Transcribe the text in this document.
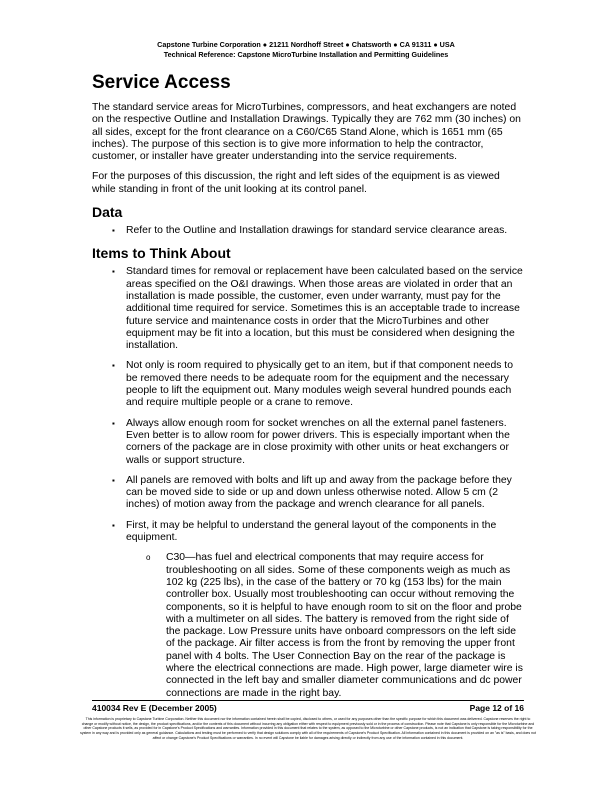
Capstone Turbine Corporation ● 21211 Nordhoff Street ● Chatsworth ● CA 91311 ● USA
Technical Reference: Capstone MicroTurbine Installation and Permitting Guidelines
Service Access

The standard service areas for MicroTurbines, compressors, and heat exchangers are noted on the respective Outline and Installation Drawings. Typically they are 762 mm (30 inches) on all sides, except for the front clearance on a C60/C65 Stand Alone, which is 1651 mm (65 inches). The purpose of this section is to give more information to help the contractor, customer, or installer have greater understanding into the service requirements.

For the purposes of this discussion, the right and left sides of the equipment is as viewed while standing in front of the unit looking at its control panel.

Data
▪ Refer to the Outline and Installation drawings for standard service clearance areas.
Items to Think About
▪ Standard times for removal or replacement have been calculated based on the service areas specified on the O&I drawings. When those areas are violated in order that an installation is made possible, the customer, even under warranty, must pay for the additional time required for service. Sometimes this is an acceptable trade to increase future service and maintenance costs in order that the MicroTurbines and other equipment may be fit into a location, but this must be considered when designing the installation.
▪ Not only is room required to physically get to an item, but if that component needs to be removed there needs to be adequate room for the equipment and the necessary people to lift the equipment out. Many modules weigh several hundred pounds each and require multiple people or a crane to remove.
▪ Always allow enough room for socket wrenches on all the external panel fasteners. Even better is to allow room for power drivers. This is especially important when the corners of the package are in close proximity with other units or heat exchangers or walls or support structure.
▪ All panels are removed with bolts and lift up and away from the package before they can be moved side to side or up and down unless otherwise noted. Allow 5 cm (2 inches) of motion away from the package and wrench clearance for all panels.
▪ First, it may be helpful to understand the general layout of the components in the equipment.
o C30—has fuel and electrical components that may require access for troubleshooting on all sides. Some of these components weigh as much as 102 kg (225 lbs), in the case of the battery or 70 kg (153 lbs) for the main controller box. Usually most troubleshooting can occur without removing the components, so it is helpful to have enough room to sit on the floor and probe with a multimeter on all sides. The battery is removed from the right side of the package. Low Pressure units have onboard compressors on the left side of the package. Air filter access is from the front by removing the upper front panel with 4 bolts. The User Connection Bay on the rear of the package is where the electrical connections are made. High power, large diameter wire is connected in the left bay and smaller diameter communications and dc power connections are made in the right bay.
410034 Rev E (December 2005)	Page 12 of 16
This information is proprietary to Capstone Turbine Corporation. Neither this document nor the information contained herein shall be copied, disclosed to others, or used for any purposes other than the specific purpose for which this document was delivered. Capstone reserves the right to change or modify without notice, the design, the product specifications, and/or the contents of this document without incurring any obligation either with respect to equipment previously sold or in the process of construction. Please note that Capstone is only responsible for the Microturbine and other Capstone products it sells, as provided for in Capstone's Product Specifications and warranties. Information provided in this document that relates to the system, as opposed to the Microturbine or other Capstone products, is not an indication that Capstone is taking responsibility for the system in any way and is provided only as general guidance. Calculations and testing must be performed to verify that design solutions comply with all of the requirements of Capstone's Product Specification. All information contained in this document is provided on an "as is" basis, and does not affect or change Capstone's Product Specifications or warranties. In no event will Capstone be liable for damages arising directly or indirectly from any use of the information contained in this document.
